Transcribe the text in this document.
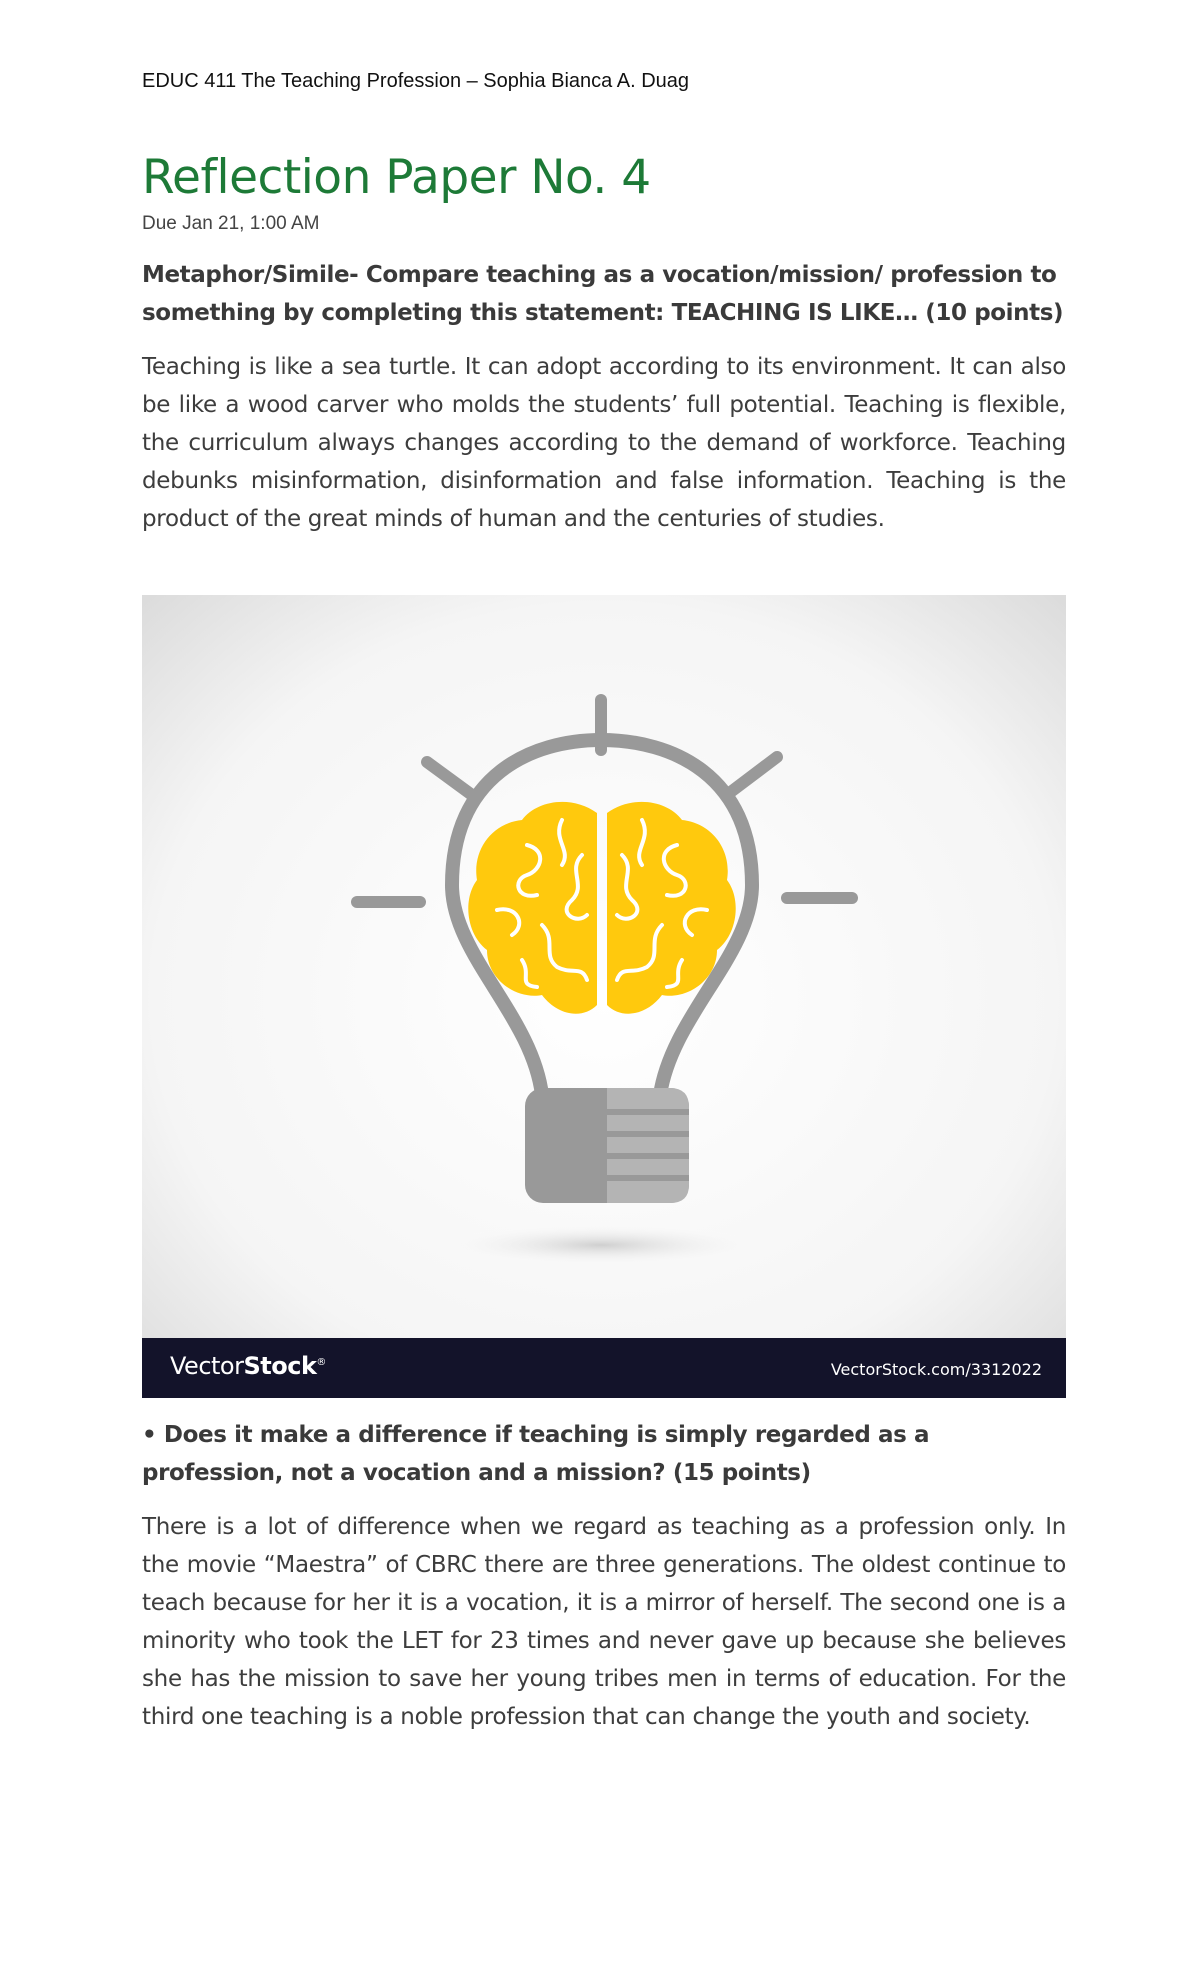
EDUC 411 The Teaching Profession – Sophia Bianca A. Duag
Reflection Paper No. 4
Due Jan 21, 1:00 AM

Metaphor/Simile- Compare teaching as a vocation/mission/ profession to something by completing this statement: TEACHING IS LIKE… (10 points)

Teaching is like a sea turtle. It can adopt according to its environment. It can also be like a wood carver who molds the students’ full potential. Teaching is flexible, the curriculum always changes according to the demand of workforce. Teaching debunks misinformation, disinformation and false information. Teaching is the product of the great minds of human and the centuries of studies.

VectorStock®	VectorStock.com/3312022

• Does it make a difference if teaching is simply regarded as a profession, not a vocation and a mission? (15 points)

There is a lot of difference when we regard as teaching as a profession only. In the movie “Maestra” of CBRC there are three generations. The oldest continue to teach because for her it is a vocation, it is a mirror of herself. The second one is a minority who took the LET for 23 times and never gave up because she believes she has the mission to save her young tribes men in terms of education. For the third one teaching is a noble profession that can change the youth and society.
